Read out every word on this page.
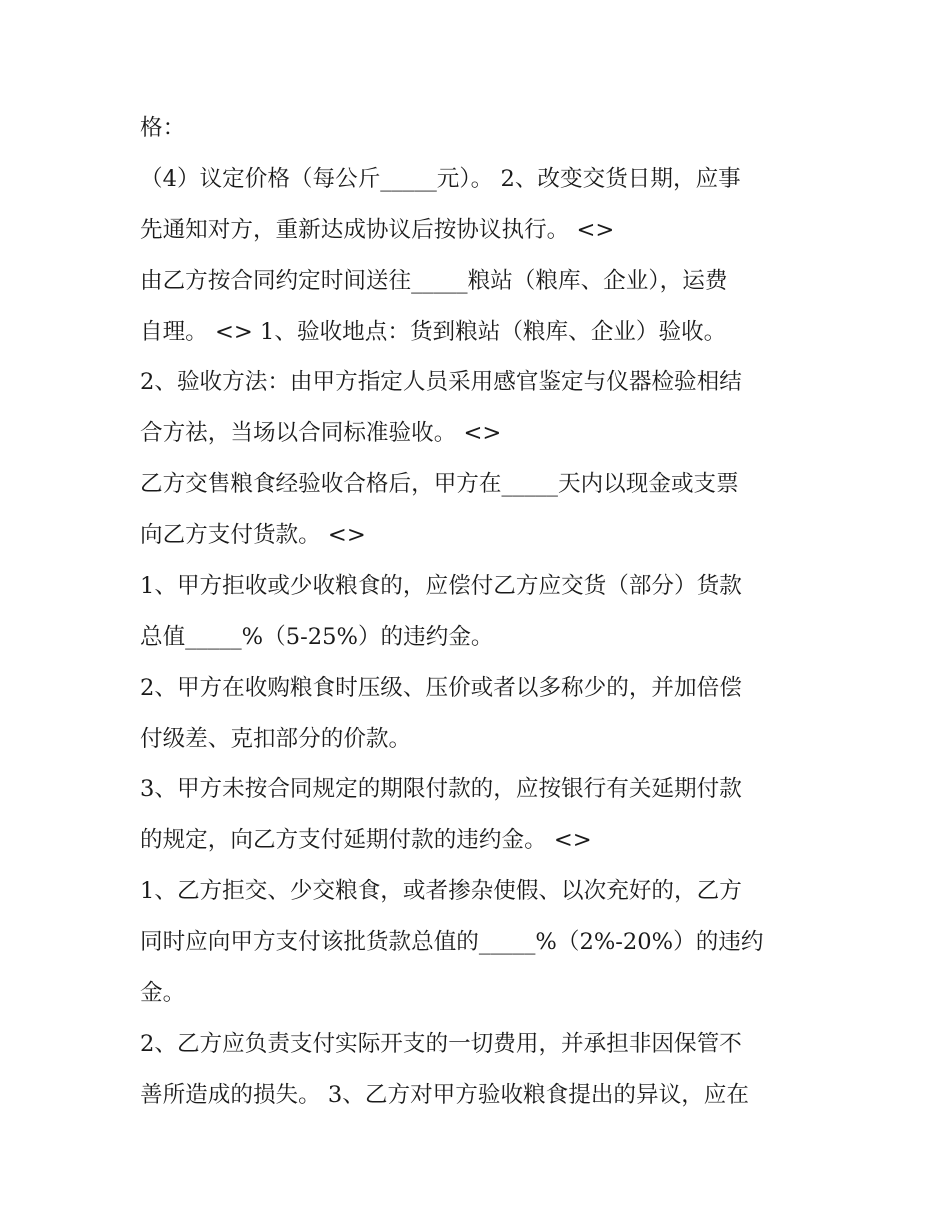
格：
（4）议定价格（每公斤_____元）。 2、改变交货日期，应事
先通知对方，重新达成协议后按协议执行。 <>
由乙方按合同约定时间送往_____粮站（粮库、企业），运费
自理。 <> 1、验收地点：货到粮站（粮库、企业）验收。
2、验收方法：由甲方指定人员采用感官鉴定与仪器检验相结
合方祛，当场以合同标准验收。 <>
乙方交售粮食经验收合格后，甲方在_____天内以现金或支票
向乙方支付货款。 <>
1、甲方拒收或少收粮食的，应偿付乙方应交货（部分）货款
总值_____%（5-25%）的违约金。
2、甲方在收购粮食时压级、压价或者以多称少的，并加倍偿
付级差、克扣部分的价款。
3、甲方未按合同规定的期限付款的，应按银行有关延期付款
的规定，向乙方支付延期付款的违约金。 <>
1、乙方拒交、少交粮食，或者掺杂使假、以次充好的，乙方
同时应向甲方支付该批货款总值的_____%（2%-20%）的违约
金。
2、乙方应负责支付实际开支的一切费用，并承担非因保管不
善所造成的损失。 3、乙方对甲方验收粮食提出的异议，应在
